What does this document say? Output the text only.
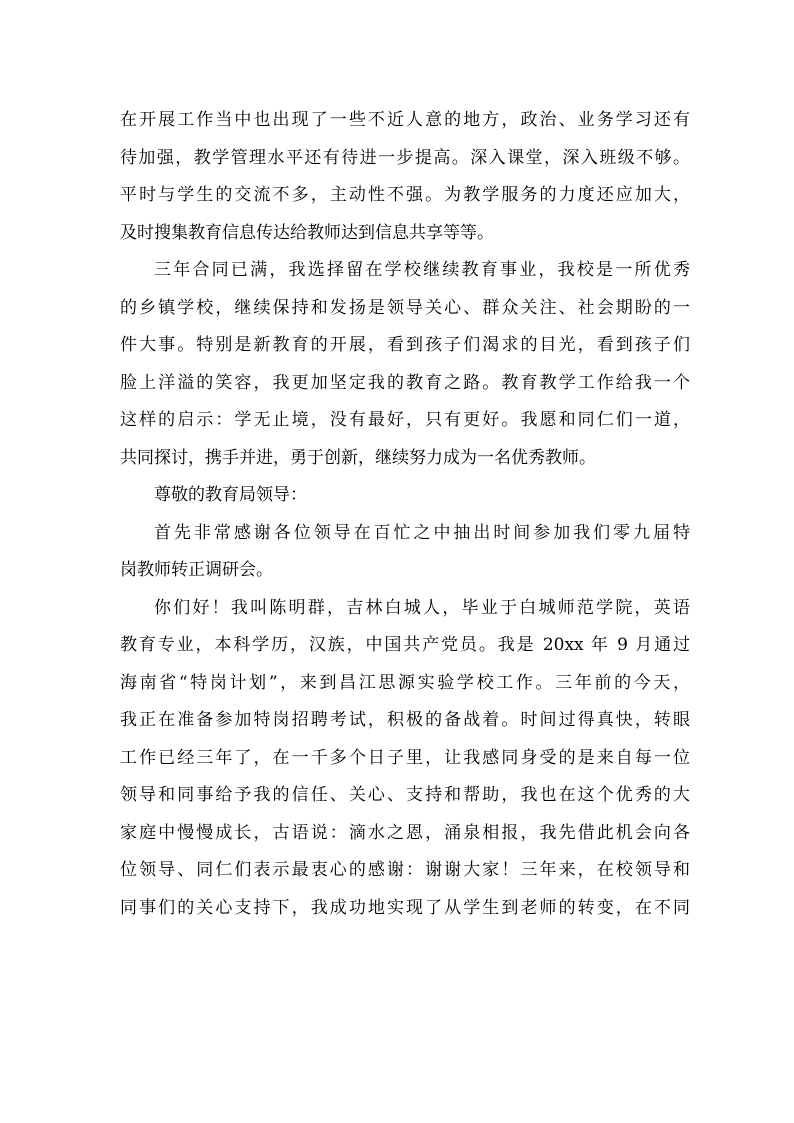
在开展工作当中也出现了一些不近人意的地方，政治、业务学习还有
待加强，教学管理水平还有待进一步提高。深入课堂，深入班级不够。
平时与学生的交流不多，主动性不强。为教学服务的力度还应加大，
及时搜集教育信息传达给教师达到信息共享等等。
三年合同已满，我选择留在学校继续教育事业，我校是一所优秀
的乡镇学校，继续保持和发扬是领导关心、群众关注、社会期盼的一
件大事。特别是新教育的开展，看到孩子们渴求的目光，看到孩子们
脸上洋溢的笑容，我更加坚定我的教育之路。教育教学工作给我一个
这样的启示：学无止境，没有最好，只有更好。我愿和同仁们一道，
共同探讨，携手并进，勇于创新，继续努力成为一名优秀教师。
尊敬的教育局领导：
首先非常感谢各位领导在百忙之中抽出时间参加我们零九届特
岗教师转正调研会。
你们好！我叫陈明群，吉林白城人，毕业于白城师范学院，英语
教育专业，本科学历，汉族，中国共产党员。我是 20xx 年 9 月通过
海南省“特岗计划”，来到昌江思源实验学校工作。三年前的今天，
我正在准备参加特岗招聘考试，积极的备战着。时间过得真快，转眼
工作已经三年了，在一千多个日子里，让我感同身受的是来自每一位
领导和同事给予我的信任、关心、支持和帮助，我也在这个优秀的大
家庭中慢慢成长，古语说：滴水之恩，涌泉相报，我先借此机会向各
位领导、同仁们表示最衷心的感谢：谢谢大家！三年来，在校领导和
同事们的关心支持下，我成功地实现了从学生到老师的转变，在不同
